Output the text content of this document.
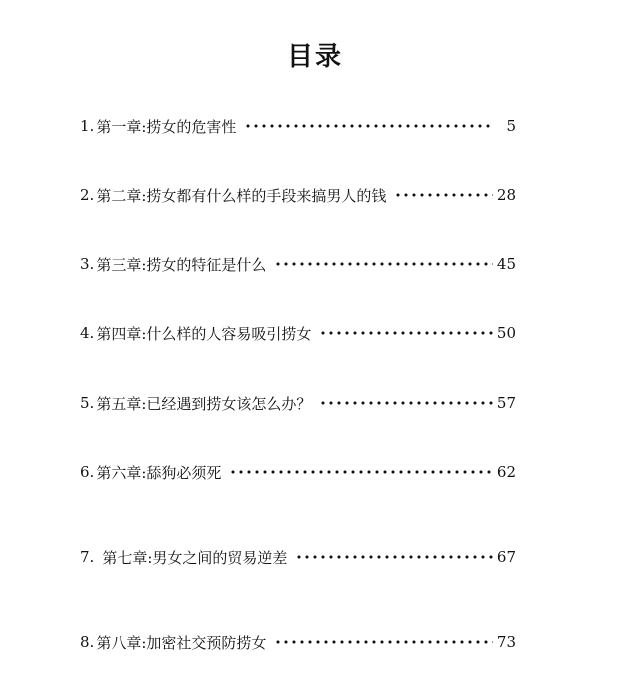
目录
1. 第一章:捞女的危害性	5
2. 第二章:捞女都有什么样的手段来搞男人的钱	28
3. 第三章:捞女的特征是什么	45
4. 第四章:什么样的人容易吸引捞女	50
5. 第五章:已经遇到捞女该怎么办？	57
6. 第六章:舔狗必须死	62
7. 第七章:男女之间的贸易逆差	67
8. 第八章:加密社交预防捞女	73
